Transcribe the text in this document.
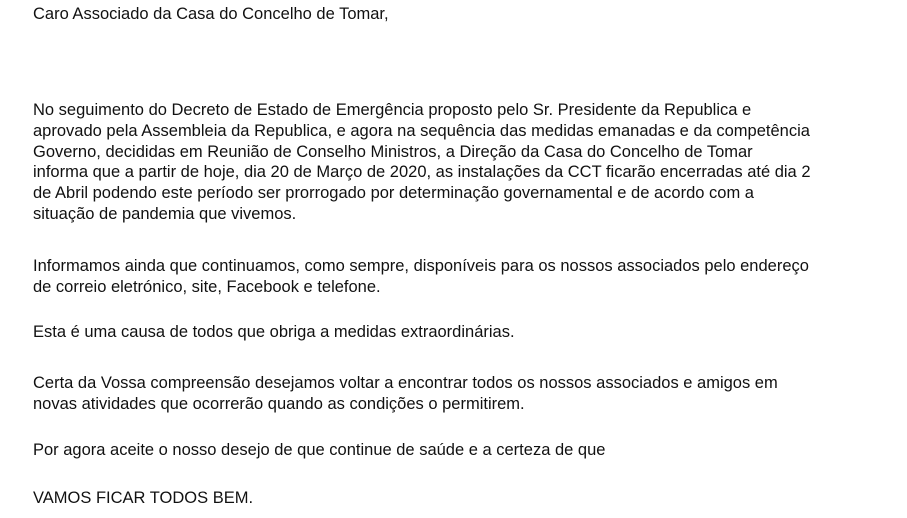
Caro Associado da Casa do Concelho de Tomar,

No seguimento do Decreto de Estado de Emergência proposto pelo Sr. Presidente da Republica e
aprovado pela Assembleia da Republica, e agora na sequência das medidas emanadas e da competência
Governo, decididas em Reunião de Conselho Ministros, a Direção da Casa do Concelho de Tomar
informa que a partir de hoje, dia 20 de Março de 2020, as instalações da CCT ficarão encerradas até dia 2
de Abril podendo este período ser prorrogado por determinação governamental e de acordo com a
situação de pandemia que vivemos.

Informamos ainda que continuamos, como sempre, disponíveis para os nossos associados pelo endereço
de correio eletrónico, site, Facebook e telefone.

Esta é uma causa de todos que obriga a medidas extraordinárias.

Certa da Vossa compreensão desejamos voltar a encontrar todos os nossos associados e amigos em
novas atividades que ocorrerão quando as condições o permitirem.

Por agora aceite o nosso desejo de que continue de saúde e a certeza de que

VAMOS FICAR TODOS BEM.
